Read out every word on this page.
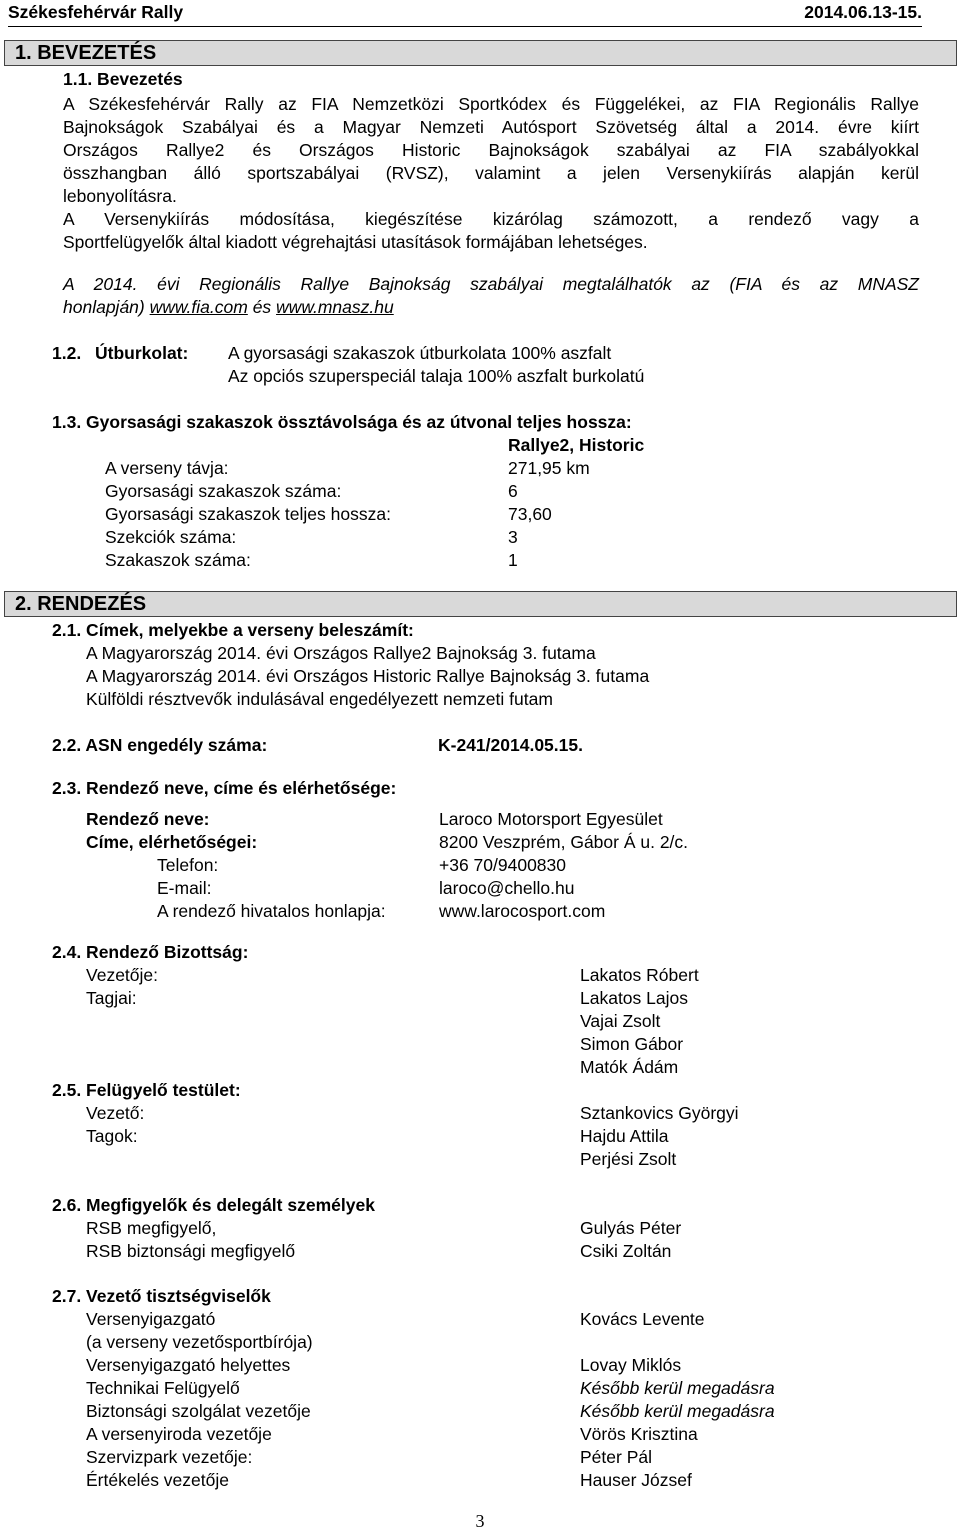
Székesfehérvár Rally	2014.06.13-15.
1. BEVEZETÉS
1.1. Bevezetés
A Székesfehérvár Rally az FIA Nemzetközi Sportkódex és Függelékei, az FIA Regionális Rallye
Bajnokságok Szabályai és a Magyar Nemzeti Autósport Szövetség által a 2014. évre kiírt
Országos Rallye2 és Országos Historic Bajnokságok szabályai az FIA szabályokkal
összhangban álló sportszabályai (RVSZ), valamint a jelen Versenykiírás alapján kerül
lebonyolításra.
A Versenykiírás módosítása, kiegészítése kizárólag számozott, a rendező vagy a
Sportfelügyelők által kiadott végrehajtási utasítások formájában lehetséges.
A 2014. évi Regionális Rallye Bajnokság szabályai megtalálhatók az (FIA és az MNASZ
honlapján) www.fia.com és www.mnasz.hu
1.2. Útburkolat: A gyorsasági szakaszok útburkolata 100% aszfalt
Az opciós szuperspeciál talaja 100% aszfalt burkolatú
1.3. Gyorsasági szakaszok össztávolsága és az útvonal teljes hossza:
Rallye2, Historic
A verseny távja:
Gyorsasági szakaszok száma:
Gyorsasági szakaszok teljes hossza:
Szekciók száma:
Szakaszok száma:
271,95 km
6
73,60
3
1
2. RENDEZÉS
2.1. Címek, melyekbe a verseny beleszámít:
A Magyarország 2014. évi Országos Rallye2 Bajnokság 3. futama
A Magyarország 2014. évi Országos Historic Rallye Bajnokság 3. futama
Külföldi résztvevők indulásával engedélyezett nemzeti futam
2.2. ASN engedély száma:	K-241/2014.05.15.
2.3. Rendező neve, címe és elérhetősége:
Rendező neve:
Címe, elérhetőségei:
Telefon:
E-mail:
A rendező hivatalos honlapja:
Laroco Motorsport Egyesület
8200 Veszprém, Gábor Á u. 2/c.
+36 70/9400830
laroco@chello.hu
www.larocosport.com
2.4. Rendező Bizottság:
Vezetője:
Tagjai:
Lakatos Róbert
Lakatos Lajos
Vajai Zsolt
Simon Gábor
Matók Ádám
2.5. Felügyelő testület:
Vezető:
Tagok:
Sztankovics Györgyi
Hajdu Attila
Perjési Zsolt
2.6. Megfigyelők és delegált személyek
RSB megfigyelő,
RSB biztonsági megfigyelő
Gulyás Péter
Csiki Zoltán
2.7. Vezető tisztségviselők
Versenyigazgató
(a verseny vezetősportbírója)
Versenyigazgató helyettes
Technikai Felügyelő
Biztonsági szolgálat vezetője
A versenyiroda vezetője
Szervizpark vezetője:
Értékelés vezetője
Kovács Levente

Lovay Miklós
Később kerül megadásra
Később kerül megadásra
Vörös Krisztina
Péter Pál
Hauser József
3
